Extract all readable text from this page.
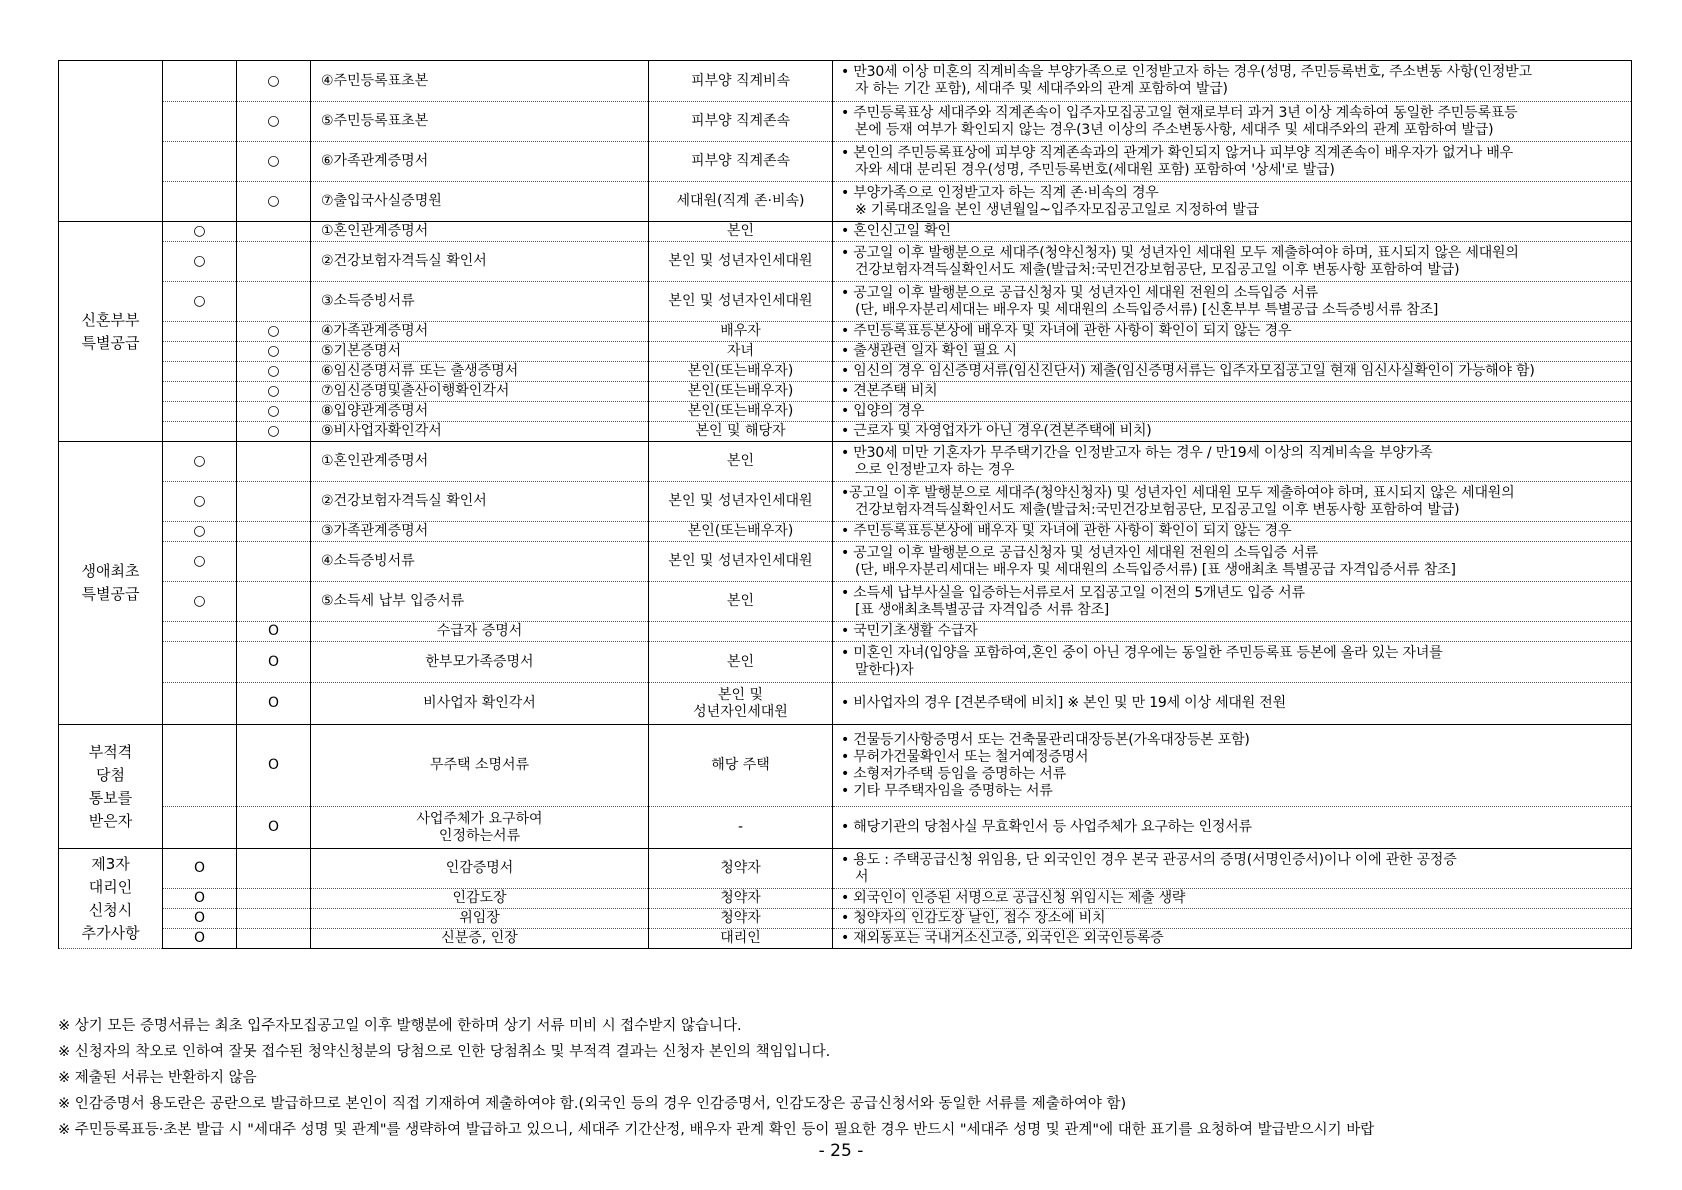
		○	④주민등록표초본	피부양 직계비속	• 만30세 이상 미혼의 직계비속을 부양가족으로 인정받고자 하는 경우(성명, 주민등록번호, 주소변동 사항(인정받고
자 하는 기간 포함), 세대주 및 세대주와의 관계 포함하여 발급)

		○	⑤주민등록표초본	피부양 직계존속	• 주민등록표상 세대주와 직계존속이 입주자모집공고일 현재로부터 과거 3년 이상 계속하여 동일한 주민등록표등
본에 등재 여부가 확인되지 않는 경우(3년 이상의 주소변동사항, 세대주 및 세대주와의 관계 포함하여 발급)

		○	⑥가족관계증명서	피부양 직계존속	• 본인의 주민등록표상에 피부양 직계존속과의 관계가 확인되지 않거나 피부양 직계존속이 배우자가 없거나 배우
자와 세대 분리된 경우(성명, 주민등록번호(세대원 포함) 포함하여 '상세'로 발급)

		○	⑦출입국사실증명원	세대원(직계 존·비속)	• 부양가족으로 인정받고자 하는 직계 존·비속의 경우
※ 기록대조일을 본인 생년월일~입주자모집공고일로 지정하여 발급

신혼부부
특별공급	○		①혼인관계증명서	본인	• 혼인신고일 확인

	○		②건강보험자격득실 확인서	본인 및 성년자인세대원	• 공고일 이후 발행분으로 세대주(청약신청자) 및 성년자인 세대원 모두 제출하여야 하며, 표시되지 않은 세대원의
건강보험자격득실확인서도 제출(발급처:국민건강보험공단, 모집공고일 이후 변동사항 포함하여 발급)

	○		③소득증빙서류	본인 및 성년자인세대원	• 공고일 이후 발행분으로 공급신청자 및 성년자인 세대원 전원의 소득입증 서류
(단, 배우자분리세대는 배우자 및 세대원의 소득입증서류) [신혼부부 특별공급 소득증빙서류 참조]

		○	④가족관계증명서	배우자	• 주민등록표등본상에 배우자 및 자녀에 관한 사항이 확인이 되지 않는 경우

		○	⑤기본증명서	자녀	• 출생관련 일자 확인 필요 시

		○	⑥임신증명서류 또는 출생증명서	본인(또는배우자)	• 임신의 경우 임신증명서류(임신진단서) 제출(임신증명서류는 입주자모집공고일 현재 임신사실확인이 가능해야 함)

		○	⑦임신증명및출산이행확인각서	본인(또는배우자)	• 견본주택 비치

		○	⑧입양관계증명서	본인(또는배우자)	• 입양의 경우

		○	⑨비사업자확인각서	본인 및 해당자	• 근로자 및 자영업자가 아닌 경우(견본주택에 비치)

생애최초
특별공급	○		①혼인관계증명서	본인	• 만30세 미만 기혼자가 무주택기간을 인정받고자 하는 경우 / 만19세 이상의 직계비속을 부양가족
으로 인정받고자 하는 경우

	○		②건강보험자격득실 확인서	본인 및 성년자인세대원	•공고일 이후 발행분으로 세대주(청약신청자) 및 성년자인 세대원 모두 제출하여야 하며, 표시되지 않은 세대원의
건강보험자격득실확인서도 제출(발급처:국민건강보험공단, 모집공고일 이후 변동사항 포함하여 발급)

	○		③가족관계증명서	본인(또는배우자)	• 주민등록표등본상에 배우자 및 자녀에 관한 사항이 확인이 되지 않는 경우

	○		④소득증빙서류	본인 및 성년자인세대원	• 공고일 이후 발행분으로 공급신청자 및 성년자인 세대원 전원의 소득입증 서류
(단, 배우자분리세대는 배우자 및 세대원의 소득입증서류) [표 생애최초 특별공급 자격입증서류 참조]

	○		⑤소득세 납부 입증서류	본인	• 소득세 납부사실을 입증하는서류로서 모집공고일 이전의 5개년도 입증 서류
[표 생애최초특별공급 자격입증 서류 참조]

		O	수급자 증명서		• 국민기초생활 수급자

		O	한부모가족증명서	본인	• 미혼인 자녀(입양을 포함하여,혼인 중이 아닌 경우에는 동일한 주민등록표 등본에 올라 있는 자녀를
말한다)자

		O	비사업자 확인각서	본인 및
성년자인세대원	• 비사업자의 경우 [견본주택에 비치] ※ 본인 및 만 19세 이상 세대원 전원

부적격
당첨
통보를
받은자		O	무주택 소명서류	해당 주택	• 건물등기사항증명서 또는 건축물관리대장등본(가옥대장등본 포함)
• 무허가건물확인서 또는 철거예정증명서
• 소형저가주택 등임을 증명하는 서류
• 기타 무주택자임을 증명하는 서류

		O	사업주체가 요구하여
인정하는서류	-	• 해당기관의 당첨사실 무효확인서 등 사업주체가 요구하는 인정서류

제3자
대리인
신청시
추가사항	O		인감증명서	청약자	• 용도 : 주택공급신청 위임용, 단 외국인인 경우 본국 관공서의 증명(서명인증서)이나 이에 관한 공정증
서

	O		인감도장	청약자	• 외국인이 인증된 서명으로 공급신청 위임시는 제출 생략

	O		위임장	청약자	• 청약자의 인감도장 날인, 접수 장소에 비치

	O		신분증, 인장	대리인	• 재외동포는 국내거소신고증, 외국인은 외국인등록증
※ 상기 모든 증명서류는 최초 입주자모집공고일 이후 발행분에 한하며 상기 서류 미비 시 접수받지 않습니다.
※ 신청자의 착오로 인하여 잘못 접수된 청약신청분의 당첨으로 인한 당첨취소 및 부적격 결과는 신청자 본인의 책임입니다.
※ 제출된 서류는 반환하지 않음
※ 인감증명서 용도란은 공란으로 발급하므로 본인이 직접 기재하여 제출하여야 함.(외국인 등의 경우 인감증명서, 인감도장은 공급신청서와 동일한 서류를 제출하여야 함)
※ 주민등록표등·초본 발급 시 "세대주 성명 및 관계"를 생략하여 발급하고 있으니, 세대주 기간산정, 배우자 관계 확인 등이 필요한 경우 반드시 "세대주 성명 및 관계"에 대한 표기를 요청하여 발급받으시기 바랍
- 25 -
